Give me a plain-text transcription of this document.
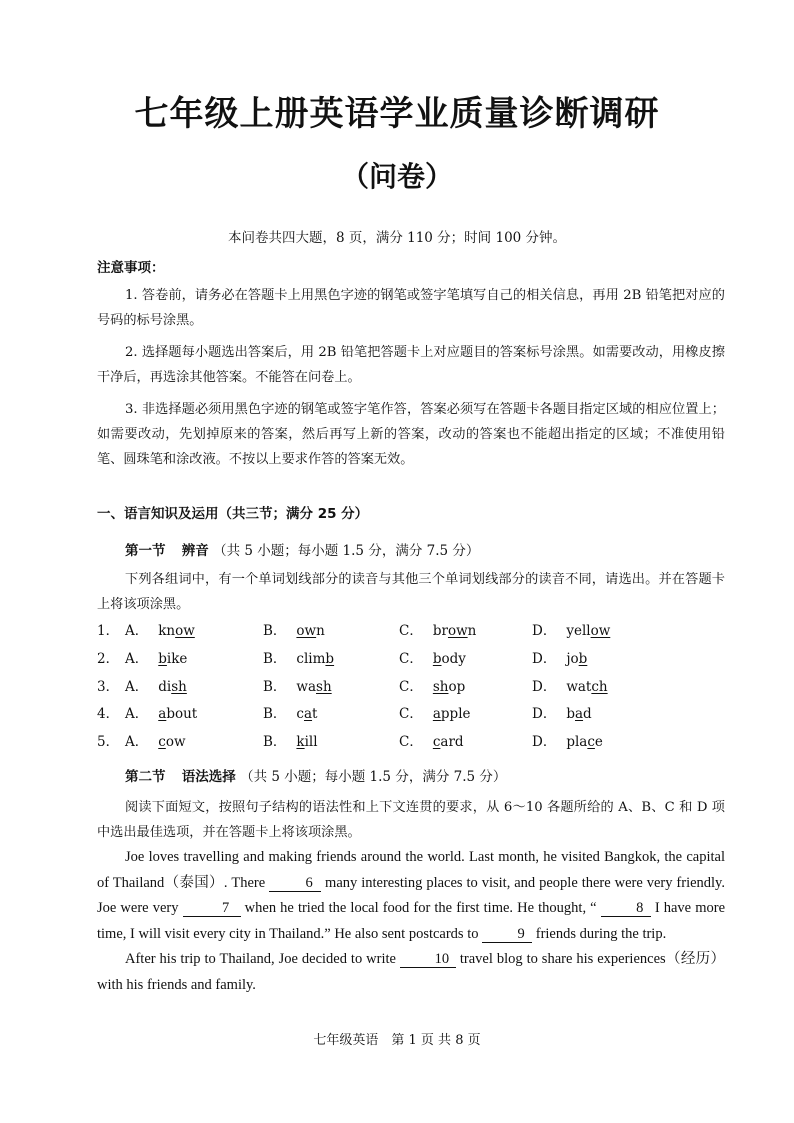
七年级上册英语学业质量诊断调研
（问卷）
本问卷共四大题，8 页，满分 110 分；时间 100 分钟。
注意事项：
1. 答卷前，请务必在答题卡上用黑色字迹的钢笔或签字笔填写自己的相关信息，再用 2B 铅笔把对应的号码的标号涂黑。
2. 选择题每小题选出答案后，用 2B 铅笔把答题卡上对应题目的答案标号涂黑。如需要改动，用橡皮擦干净后，再选涂其他答案。不能答在问卷上。
3. 非选择题必须用黑色字迹的钢笔或签字笔作答，答案必须写在答题卡各题目指定区域的相应位置上；如需要改动，先划掉原来的答案，然后再写上新的答案，改动的答案也不能超出指定的区域；不准使用铅笔、圆珠笔和涂改液。不按以上要求作答的答案无效。
一、语言知识及运用（共三节；满分 25 分）
第一节 辨音 （共 5 小题；每小题 1.5 分，满分 7.5 分）
下列各组词中，有一个单词划线部分的读音与其他三个单词划线部分的读音不同，请选出。并在答题卡上将该项涂黑。
1． A． know	B． own	C． brown	D． yellow
2． A． bike	B． climb	C． body	D． job
3． A． dish	B． wash	C． shop	D． watch
4． A． about	B． cat	C． apple	D． bad
5． A． cow	B． kill	C． card	D． place
第二节 语法选择 （共 5 小题；每小题 1.5 分，满分 7.5 分）
阅读下面短文，按照句子结构的语法性和上下文连贯的要求，从 6～10 各题所给的 A、B、C 和 D 项中选出最佳选项，并在答题卡上将该项涂黑。
Joe loves travelling and making friends around the world. Last month, he visited Bangkok, the capital of Thailand（泰国）. There	6 many interesting places to visit, and people there were very friendly. Joe were very	7 when he tried the local food for the first time. He thought, “ 8 I have more time, I will visit every city in Thailand.” He also sent postcards to 9 friends during the trip.
After his trip to Thailand, Joe decided to write 10 travel blog to share his experiences（经历）with his friends and family.
七年级英语　第 1 页 共 8 页
